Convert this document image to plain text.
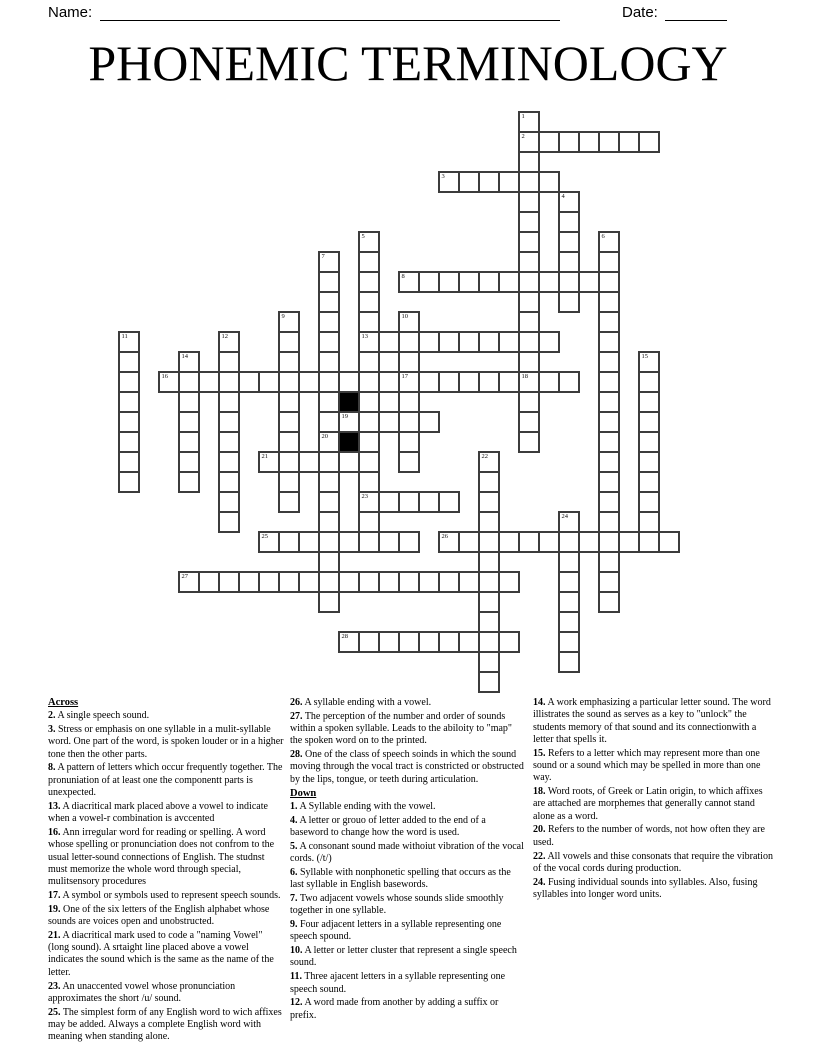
Name:	Date:
PHONEMIC TERMINOLOGY
1
2
3
4
5
13
23
6
7
8
9	10
17
11	12
14	15
16	18
19
20
21	22
24
25	26
27
28
Across

2. A single speech sound.

3. Stress or emphasis on one syllable in a mulit-syllable word. One part of the word, is spoken louder or in a higher tone then the other parts.

8. A pattern of letters which occur frequently together. The pronuniation of at least one the componentt parts is unexpected.

13. A diacritical mark placed above a vowel to indicate when a vowel-r combination is avccented

16. Ann irregular word for reading or spelling. A word whose spelling or pronunciation does not confrom to the usual letter-sound connections of English. The studnst must memorize the whole word through special, mulitsensory procedures

17. A symbol or symbols used to represent speech sounds.

19. One of the six letters of the English alphabet whose sounds are voices open and unobstructed.

21. A diacritical mark used to code a "naming Vowel" (long sound). A srtaight line placed above a vowel indicates the sound which is the same as the name of the letter.

23. An unaccented vowel whose pronunciation approximates the short /u/ sound.

25. The simplest form of any English word to wich affixes may be added. Always a complete English word with meaning when standing alone.

26. A syllable ending with a vowel.

27. The perception of the number and order of sounds within a spoken syllable. Leads to the abiloity to "map" the spoken word on to the printed.

28. One of the class of speech soinds in which the sound moving through the vocal tract is constricted or obstructed by the lips, tongue, or teeth during articulation.

Down

1. A Syllable ending with the vowel.

4. A letter or grouo of letter added to the end of a baseword to change how the word is used.

5. A consonant sound made withoiut vibration of the vocal cords. (/t/)

6. Syllable with nonphonetic spelling that occurs as the last syllable in English basewords.

7. Two adjacent vowels whose sounds slide smoothly together in one syllable.

9. Four adjacent letters in a syllable representing one speech spound.

10. A letter or letter cluster that represent a single speech sound.

11. Three ajacent letters in a syllable representing one speech sound.

12. A word made from another by adding a suffix or prefix.

14. A work emphasizing a particular letter sound. The word illistrates the sound as serves as a key to "unlock" the students memory of that sound and its connectionwith a letter that spells it.

15. Refers to a letter which may represent more than one sound or a sound which may be spelled in more than one way.

18. Word roots, of Greek or Latin origin, to which affixes are attached are morphemes that generally cannot stand alone as a word.

20. Refers to the number of words, not how often they are used.

22. All vowels and thise consonats that require the vibration of the vocal cords during production.

24. Fusing individual sounds into syllables. Also, fusing syllables into longer word units.
